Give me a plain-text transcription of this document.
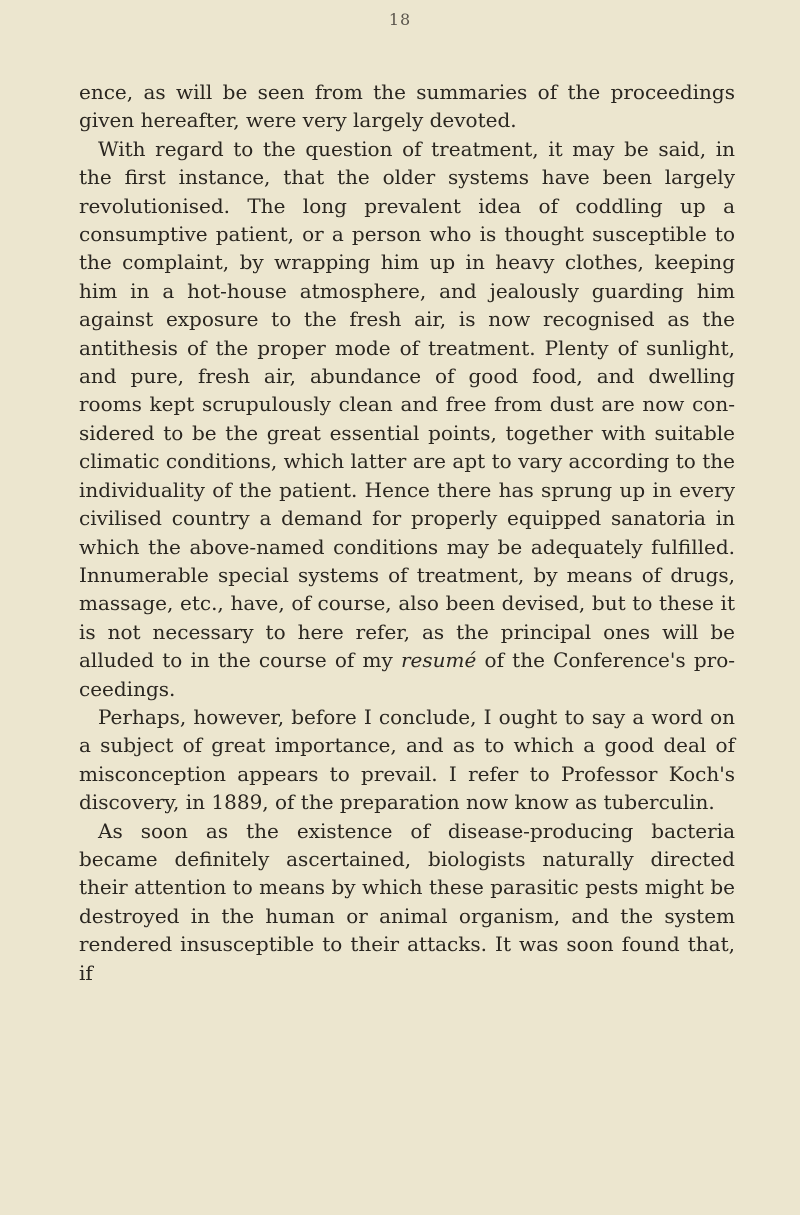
18

ence, as will be seen from the summaries of the proceedings given hereafter, were very largely devoted.

With regard to the question of treatment, it may be said, in the first instance, that the older systems have been largely revolutionised. The long prevalent idea of coddling up a consumptive patient, or a person who is thought susceptible to the complaint, by wrapping him up in heavy clothes, keeping him in a hot-house atmosphere, and jealously guarding him against exposure to the fresh air, is now recognised as the antithesis of the proper mode of treatment. Plenty of sunlight, and pure, fresh air, abundance of good food, and dwelling rooms kept scrupulously clean and free from dust are now considered to be the great essential points, together with suitable climatic conditions, which latter are apt to vary according to the individuality of the patient. Hence there has sprung up in every civilised country a demand for properly equipped sanatoria in which the above-named conditions may be adequately fulfilled. Innumerable special systems of treatment, by means of drugs, massage, etc., have, of course, also been devised, but to these it is not necessary to here refer, as the principal ones will be alluded to in the course of my resumé of the Conference's proceedings.

Perhaps, however, before I conclude, I ought to say a word on a subject of great importance, and as to which a good deal of misconception appears to prevail. I refer to Professor Koch's discovery, in 1889, of the preparation now know as tuberculin.

As soon as the existence of disease-producing bacteria became definitely ascertained, biologists naturally directed their attention to means by which these parasitic pests might be destroyed in the human or animal organism, and the system rendered insusceptible to their attacks. It was soon found that, if
